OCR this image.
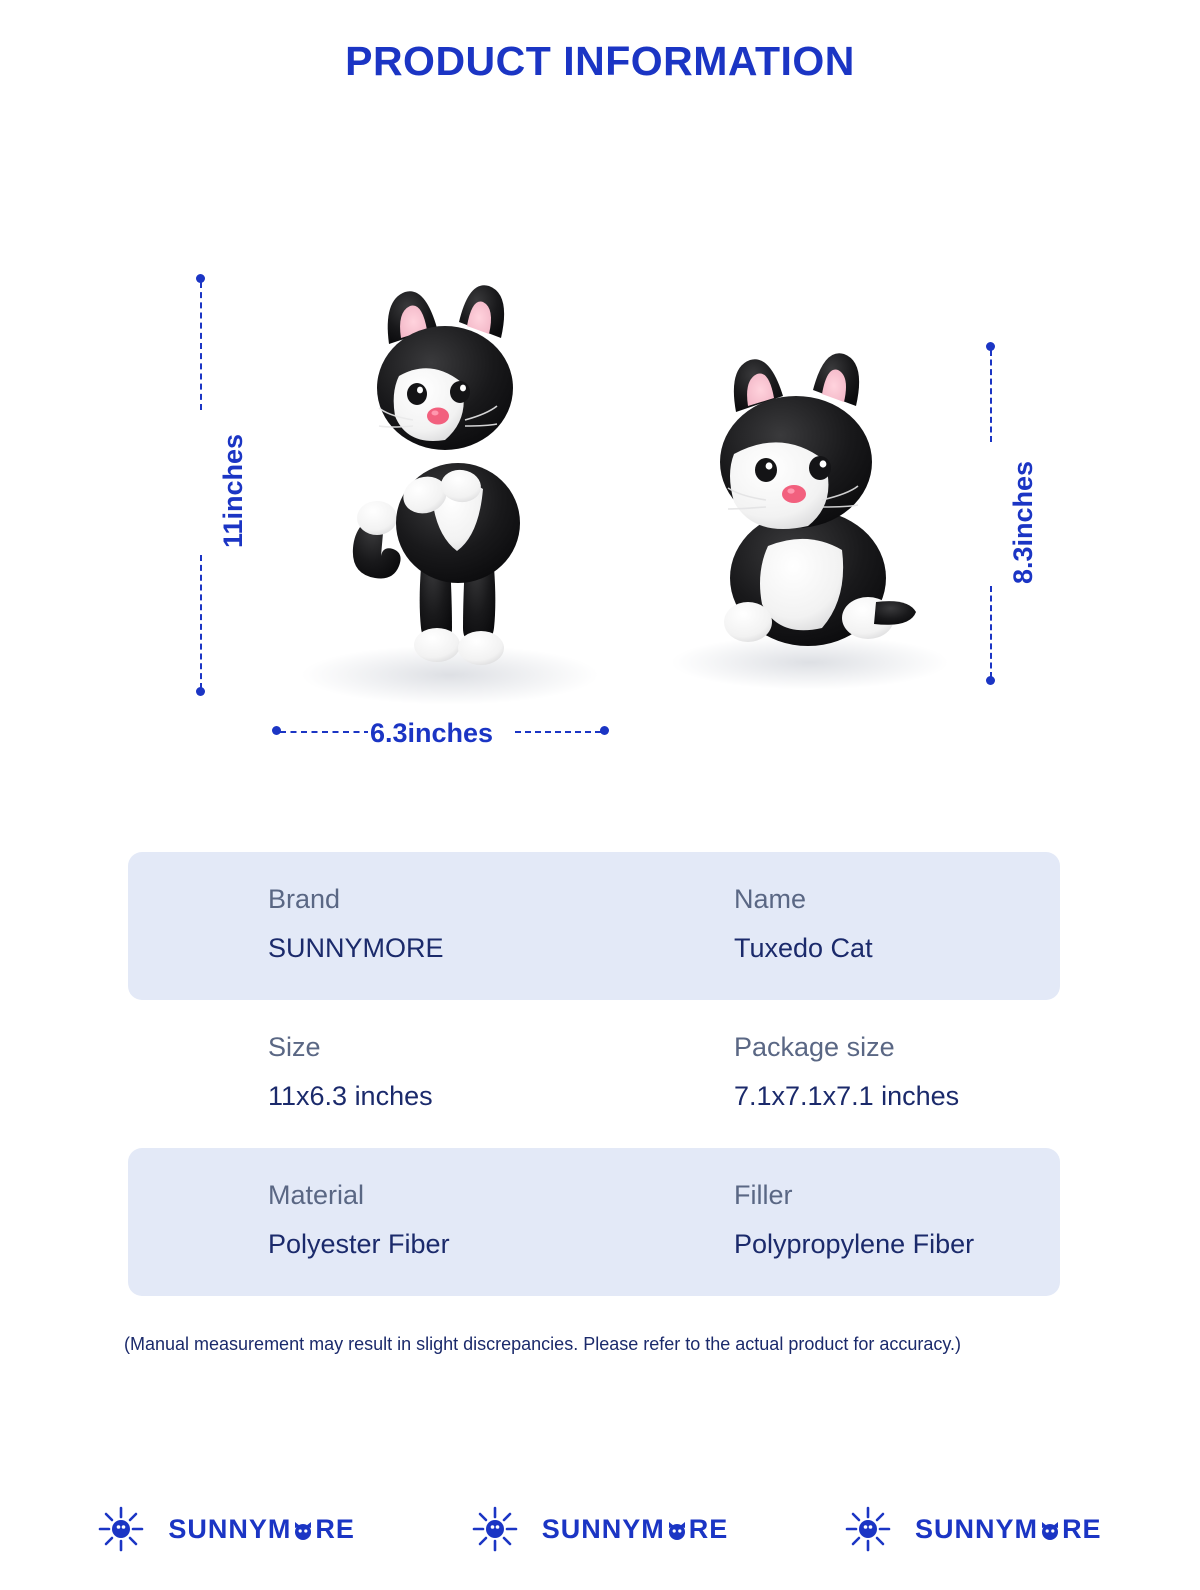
PRODUCT INFORMATION
11inches
6.3inches
8.3inches
Brand
SUNNYMORE
Name
Tuxedo Cat
Size
11x6.3 inches
Package size
7.1x7.1x7.1 inches
Material
Polyester Fiber
Filler
Polypropylene Fiber
(Manual measurement may result in slight discrepancies. Please refer to the actual product for accuracy.)
SUNNYM RE	SUNNYM RE	SUNNYM RE
